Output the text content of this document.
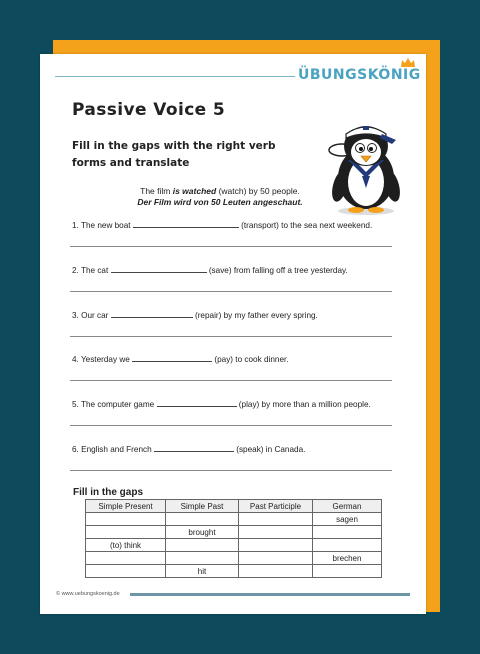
ÜBUNGSKÖNIG
Passive Voice 5
Fill in the gaps with the right verb forms and translate
The film is watched (watch) by 50 people.
Der Film wird von 50 Leuten angeschaut.
1. The new boat	(transport) to the sea next weekend.
2. The cat	(save) from falling off a tree yesterday.
3. Our car	(repair) by my father every spring.
4. Yesterday we	(pay) to cook dinner.
5. The computer game	(play) by more than a million people.
6. English and French	(speak) in Canada.
Fill in the gaps
Simple Present	Simple Past	Past Participle	German
			sagen
	brought		
(to) think			
			brechen
	hit		
© www.uebungskoenig.de
